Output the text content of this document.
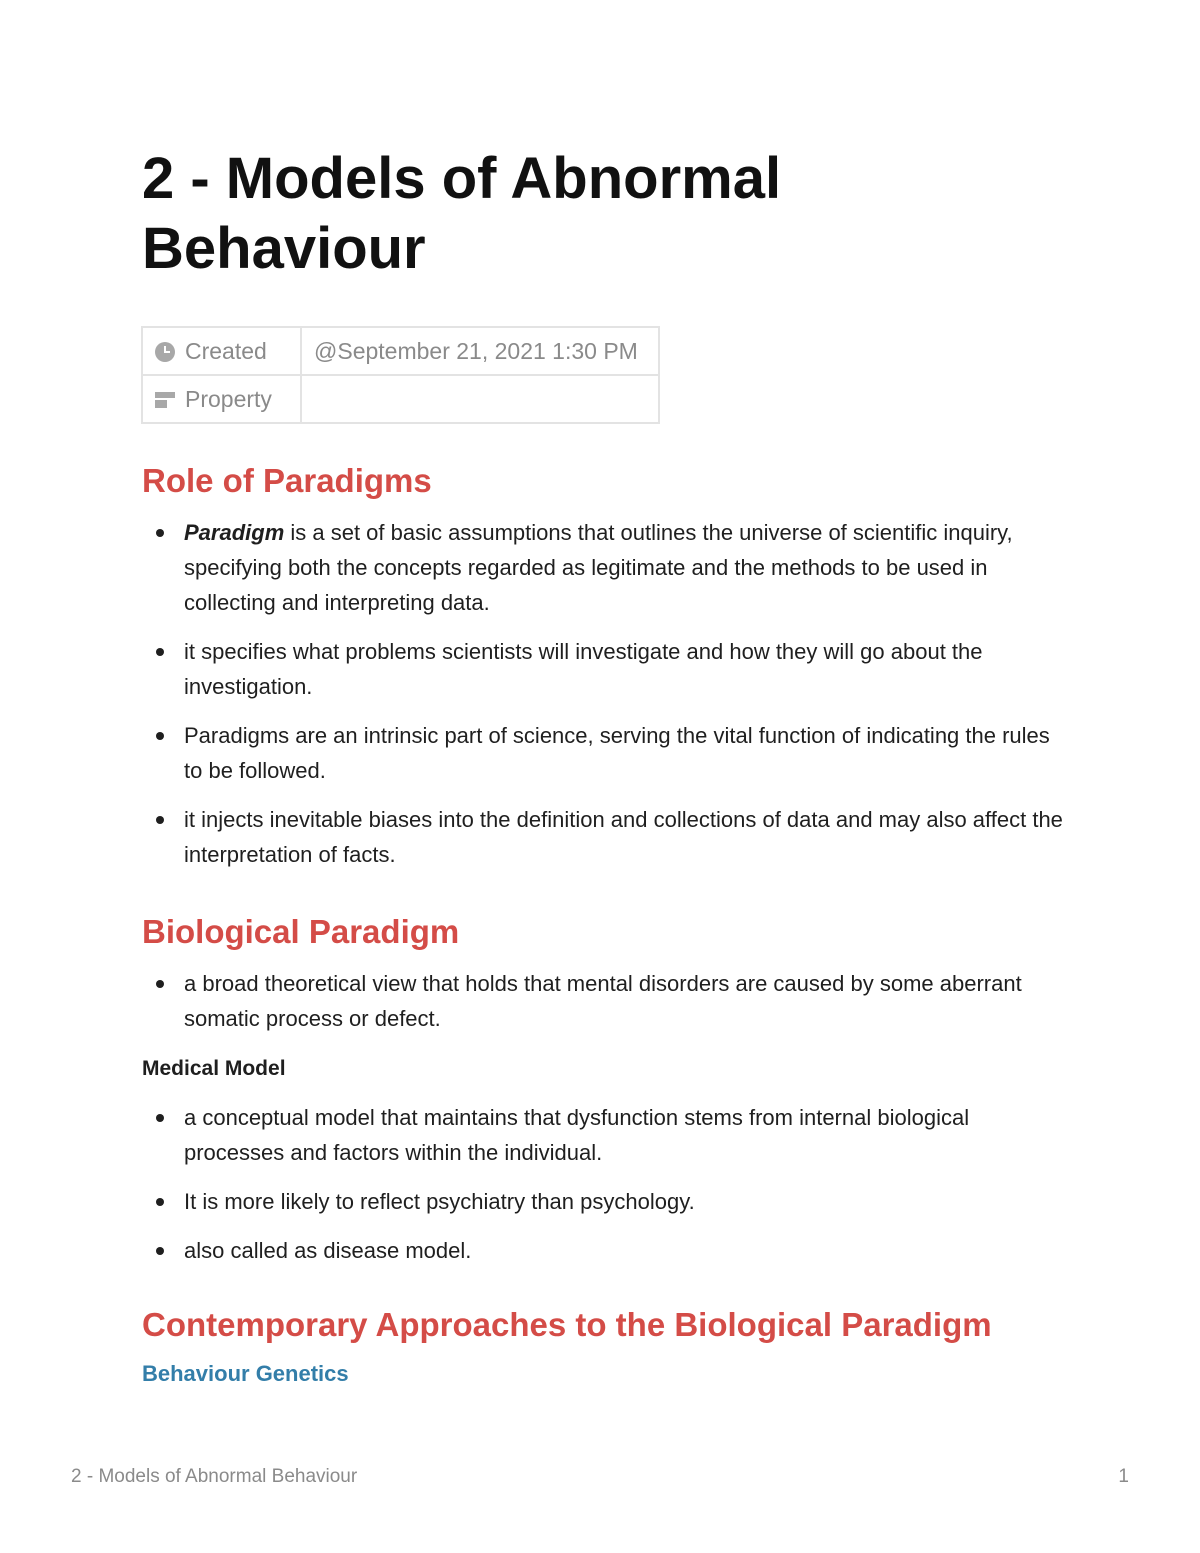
2 - Models of Abnormal Behaviour
Created	@September 21, 2021 1:30 PM
Property	
Role of Paradigms
Paradigm is a set of basic assumptions that outlines the universe of scientific inquiry, specifying both the concepts regarded as legitimate and the methods to be used in collecting and interpreting data.
it specifies what problems scientists will investigate and how they will go about the investigation.
Paradigms are an intrinsic part of science, serving the vital function of indicating the rules to be followed.
it injects inevitable biases into the definition and collections of data and may also affect the interpretation of facts.
Biological Paradigm
a broad theoretical view that holds that mental disorders are caused by some aberrant somatic process or defect.
Medical Model
a conceptual model that maintains that dysfunction stems from internal biological processes and factors within the individual.
It is more likely to reflect psychiatry than psychology.
also called as disease model.
Contemporary Approaches to the Biological Paradigm
Behaviour Genetics
2 - Models of Abnormal Behaviour	1
